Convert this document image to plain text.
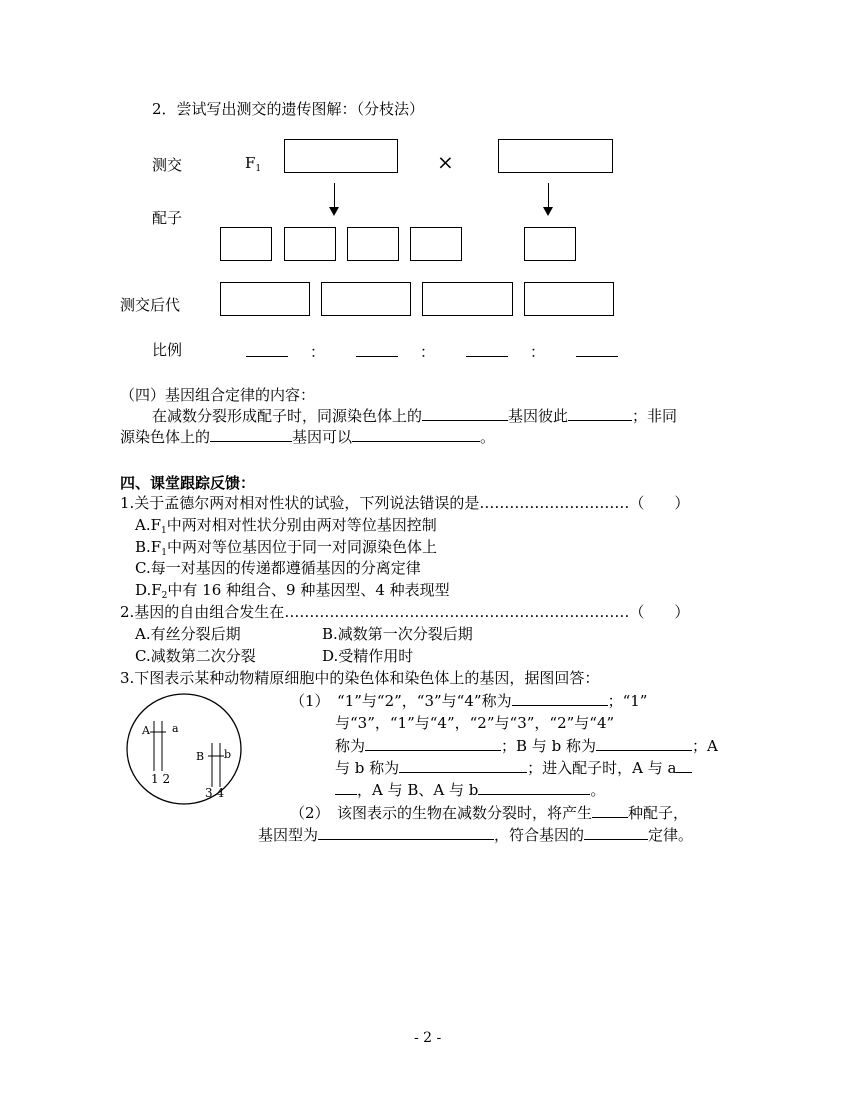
2．尝试写出测交的遗传图解：（分枝法）
测交	$F_1$	×
配子
测交后代
比例	：	：	：
（四）基因组合定律的内容：
在减数分裂形成配子时，同源染色体上的	基因彼此	；非同
源染色体上的	基因可以	。
四、课堂跟踪反馈：
1.关于孟德尔两对相对性状的试验，下列说法错误的是…………………………（　　）
$A.F_1$中两对相对性状分别由两对等位基因控制
$B.F_1$中两对等位基因位于同一对同源染色体上
C.每一对基因的传递都遵循基因的分离定律
$D.F_2$中有 16 种组合、9 种基因型、4 种表现型
2.基因的自由组合发生在……………………………………………………………（　　）
A.有丝分裂后期	B.减数第一次分裂后期
C.减数第二次分裂	D.受精作用时
3.下图表示某种动物精原细胞中的染色体和染色体上的基因，据图回答：
A a
B b
1 2
3 4
（1）　“1”与“2”，“3”与“4”称为	；“1”
与“3”，“1”与“4”，“2”与“3”，“2”与“4”
称为	；B 与 b 称为	；A
与 b 称为	；进入配子时，A 与 a
，A 与 B、A 与 b	。
（2）　该图表示的生物在减数分裂时，将产生 种配子，
基因型为	，符合基因的	定律。
- 2 -
